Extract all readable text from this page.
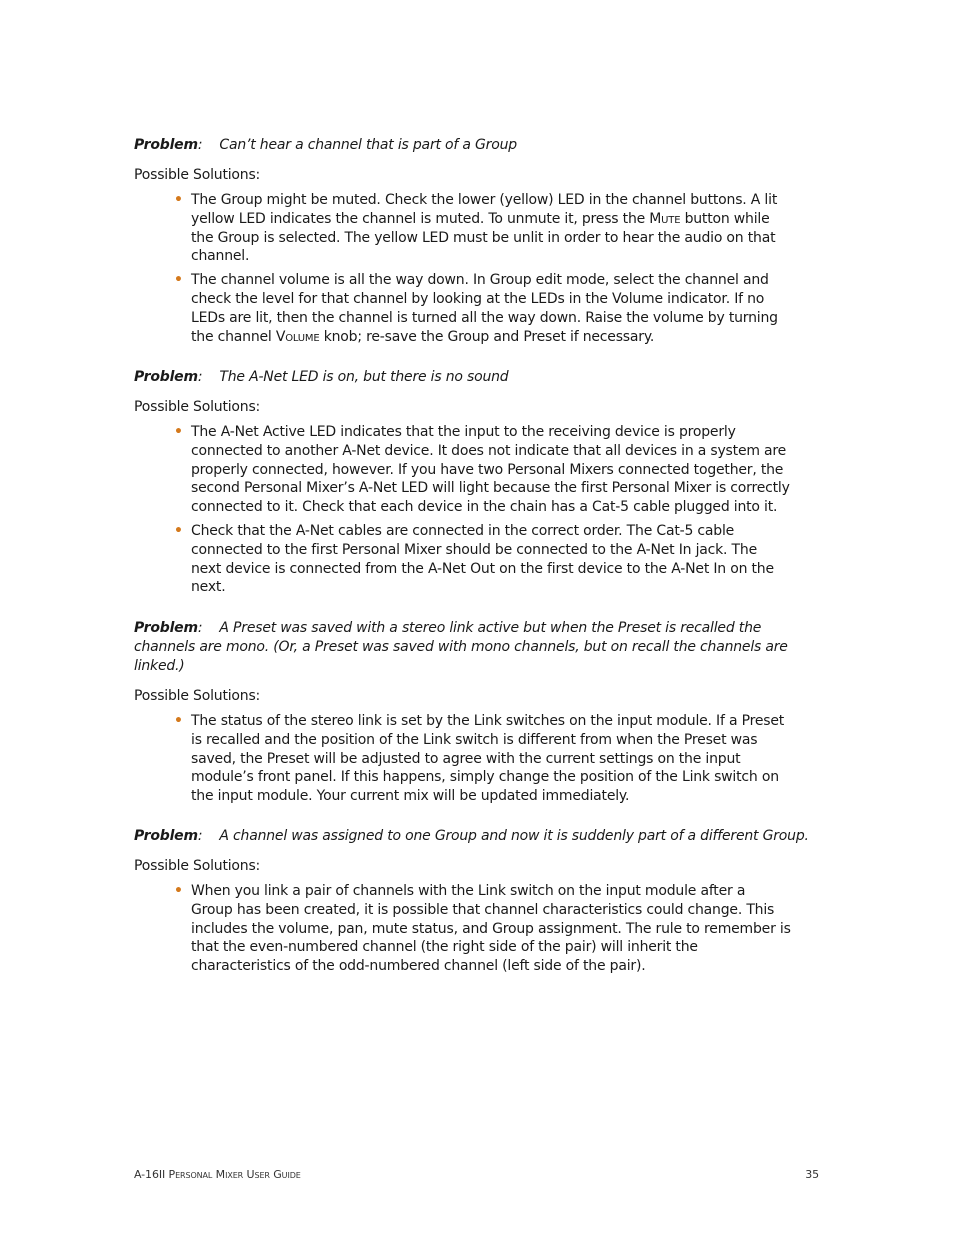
Problem: Can’t hear a channel that is part of a Group

Possible Solutions:

• The Group might be muted. Check the lower (yellow) LED in the channel buttons. A lit yellow LED indicates the channel is muted. To unmute it, press the Mute button while the Group is selected. The yellow LED must be unlit in order to hear the audio on that channel.
• The channel volume is all the way down. In Group edit mode, select the channel and check the level for that channel by looking at the LEDs in the Volume indicator. If no LEDs are lit, then the channel is turned all the way down. Raise the volume by turning the channel Volume knob; re-save the Group and Preset if necessary.

Problem: The A-Net LED is on, but there is no sound

Possible Solutions:

• The A-Net Active LED indicates that the input to the receiving device is properly connected to another A-Net device. It does not indicate that all devices in a system are properly connected, however. If you have two Personal Mixers connected together, the second Personal Mixer’s A-Net LED will light because the first Personal Mixer is correctly connected to it. Check that each device in the chain has a Cat-5 cable plugged into it.
• Check that the A-Net cables are connected in the correct order. The Cat-5 cable connected to the first Personal Mixer should be connected to the A-Net In jack. The next device is connected from the A-Net Out on the first device to the A-Net In on the next.

Problem: A Preset was saved with a stereo link active but when the Preset is recalled the channels are mono. (Or, a Preset was saved with mono channels, but on recall the channels are linked.)

Possible Solutions:

• The status of the stereo link is set by the Link switches on the input module. If a Preset is recalled and the position of the Link switch is different from when the Preset was saved, the Preset will be adjusted to agree with the current settings on the input module’s front panel. If this happens, simply change the position of the Link switch on the input module. Your current mix will be updated immediately.

Problem: A channel was assigned to one Group and now it is suddenly part of a different Group.

Possible Solutions:

• When you link a pair of channels with the Link switch on the input module after a Group has been created, it is possible that channel characteristics could change. This includes the volume, pan, mute status, and Group assignment. The rule to remember is that the even-numbered channel (the right side of the pair) will inherit the characteristics of the odd-numbered channel (left side of the pair).
A-16II Personal Mixer User Guide	35
